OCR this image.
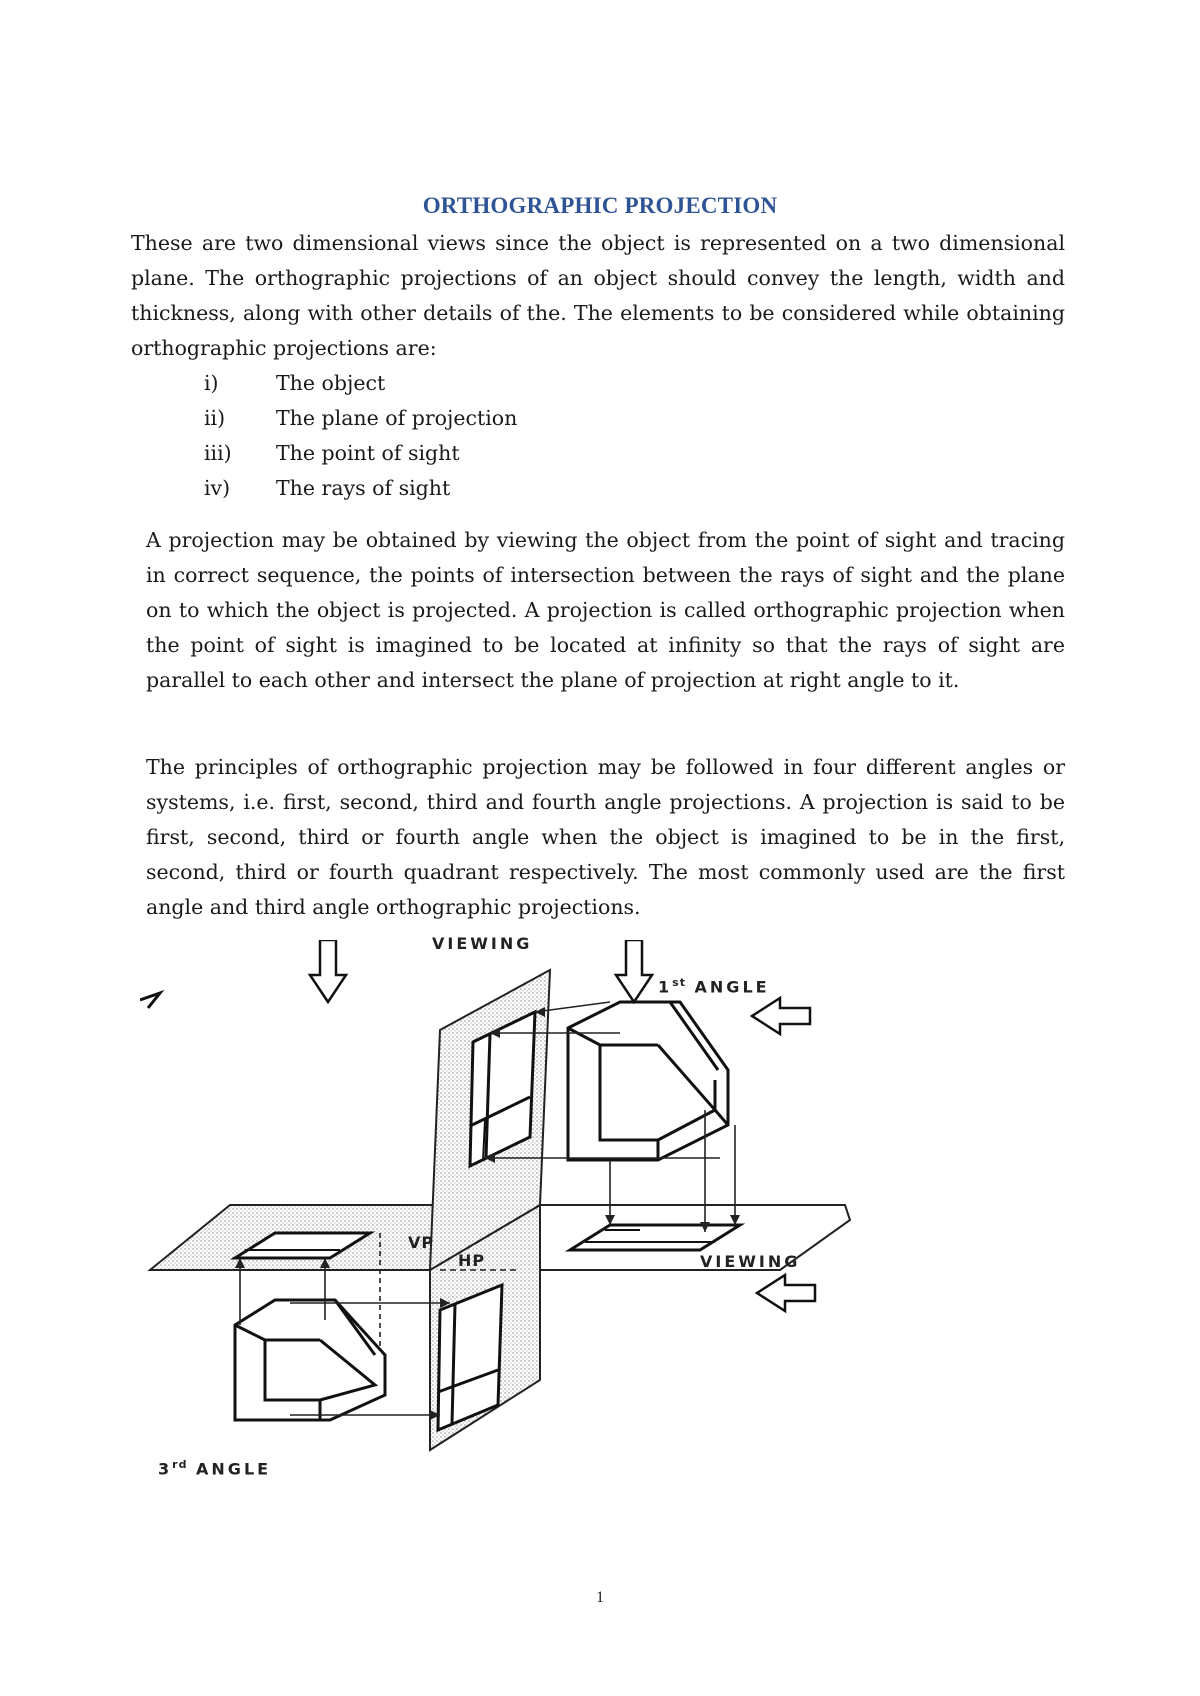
ORTHOGRAPHIC PROJECTION

These are two dimensional views since the object is represented on a two dimensional plane. The orthographic projections of an object should convey the length, width and thickness, along with other details of the. The elements to be considered while obtaining orthographic projections are:

i)	The object
ii)	The plane of projection
iii)	The point of sight
iv)	The rays of sight

A projection may be obtained by viewing the object from the point of sight and tracing in correct sequence, the points of intersection between the rays of sight and the plane on to which the object is projected. A projection is called orthographic projection when the point of sight is imagined to be located at infinity so that the rays of sight are parallel to each other and intersect the plane of projection at right angle to it.

The principles of orthographic projection may be followed in four different angles or systems, i.e. first, second, third and fourth angle projections. A projection is said to be first, second, third or fourth angle when the object is imagined to be in the first, second, third or fourth quadrant respectively. The most commonly used are the first angle and third angle orthographic projections.

VIEWING
1st ANGLE
VIEWING
3rd ANGLE
VP
HP
1
